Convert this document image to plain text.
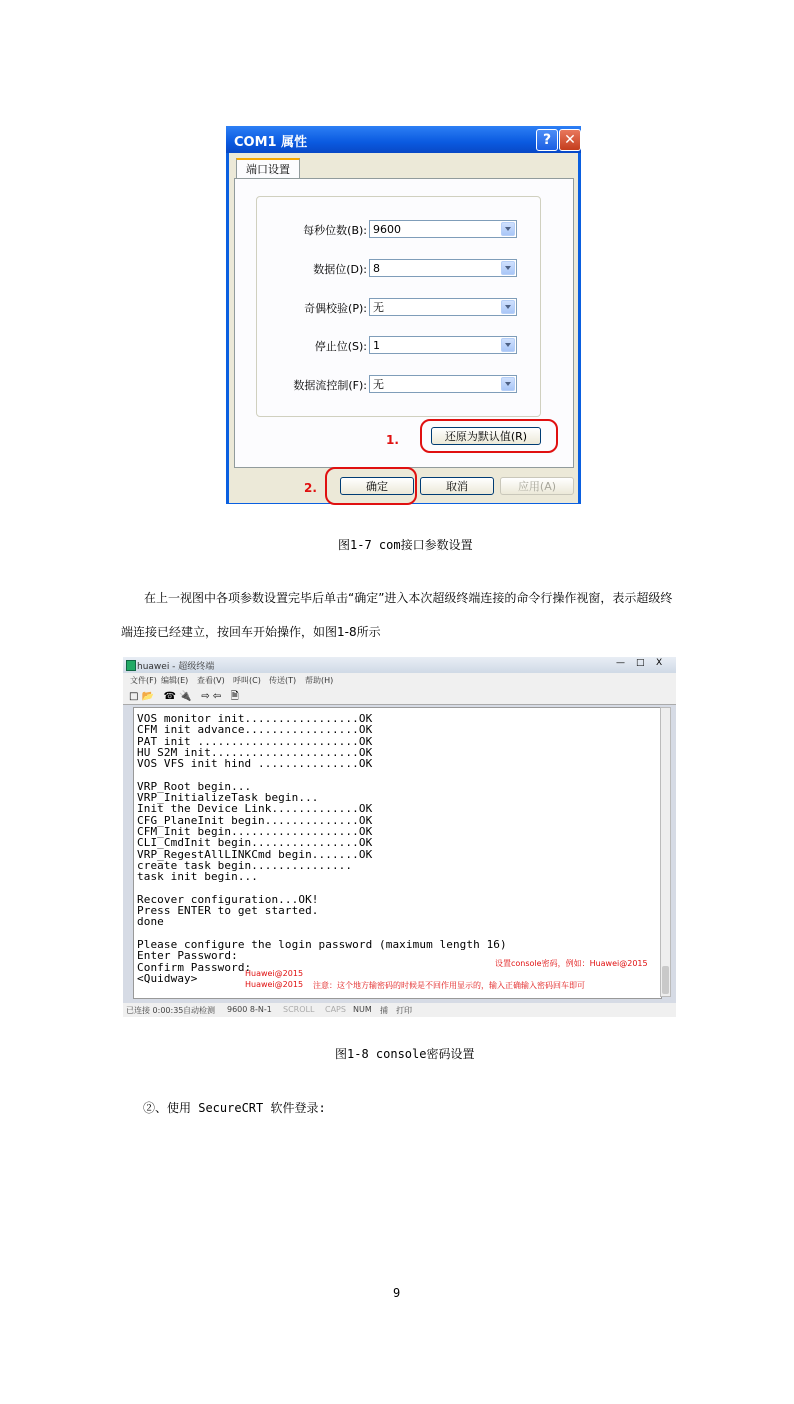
COM1 属性	? ✕
端口设置
每秒位数(B): 9600
数据位(D): 8
奇偶校验(P): 无
停止位(S): 1
数据流控制(F): 无
1.	还原为默认值(R)
2.	确定	取消	应用(A)
图1-7 com接口参数设置
在上一视图中各项参数设置完毕后单击“确定”进入本次超级终端连接的命令行操作视窗，表示超级终
端连接已经建立，按回车开始操作，如图1-8所示
huawei - 超级终端	— □ X
文件(F) 编辑(E) 查看(V) 呼叫(C) 传送(T) 帮助(H)
□ 📂   ☎ 🔌   ⇨ ⇦   🗎
VOS monitor init.................OK
CFM init advance.................OK
PAT init ........................OK
HU S2M init......................OK
VOS VFS init hind ...............OK
VRP_Root begin...
VRP_InitializeTask begin...
Init the Device Link.............OK
CFG_PlaneInit begin..............OK
CFM_Init begin...................OK
CLI_CmdInit begin................OK
VRP_RegestAllLINKCmd begin.......OK
create task begin...............
task init begin...
Recover configuration...OK!
Press ENTER to get started.
done
Please configure the login password (maximum length 16)
Enter Password:
Confirm Password:
<Quidway>	Huawei@2015
Huawei@2015
设置console密码，例如：Huawei@2015
注意：这个地方输密码的时候是不回作用显示的，输入正确输入密码回车即可
已连接 0:00:35 自动检测 9600 8-N-1 SCROLL CAPS NUM 捕 打印
图1-8 console密码设置
②、使用 SecureCRT 软件登录:
9
